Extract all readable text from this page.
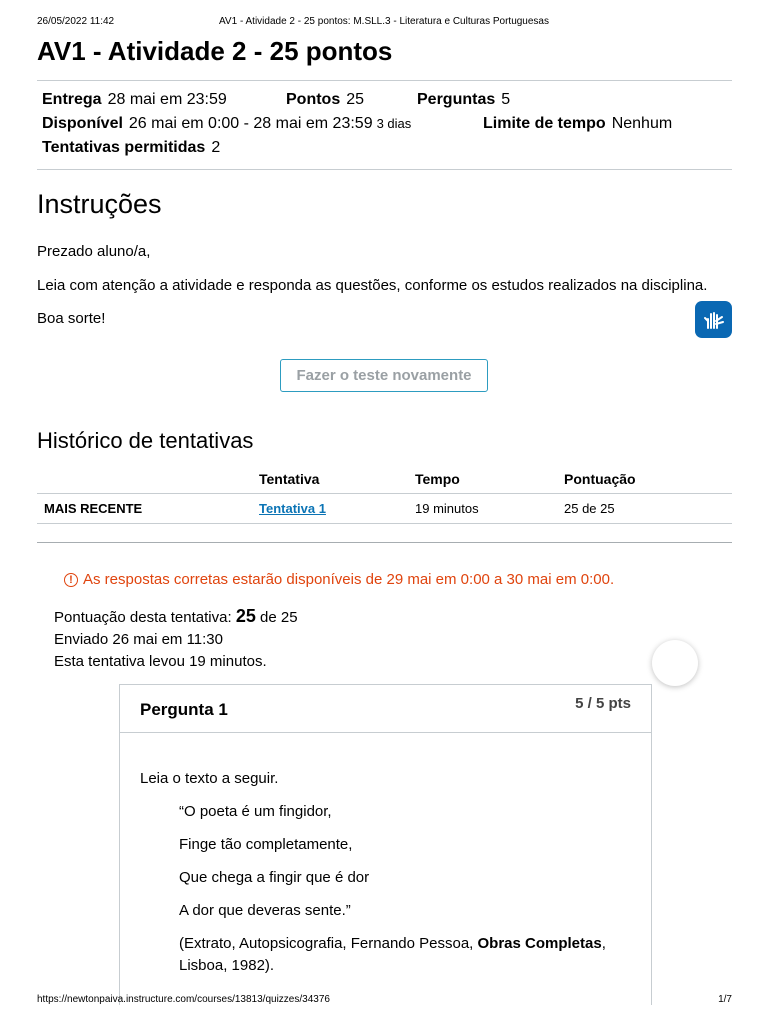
26/05/2022 11:42	AV1 - Atividade 2 - 25 pontos: M.SLL.3 - Literatura e Culturas Portuguesas
AV1 - Atividade 2 - 25 pontos
Entrega 28 mai em 23:59	Pontos 25	Perguntas 5
Disponível 26 mai em 0:00 - 28 mai em 23:59 3 dias	Limite de tempo Nenhum
Tentativas permitidas 2
Instruções
Prezado aluno/a,
Leia com atenção a atividade e responda as questões, conforme os estudos realizados na disciplina.
Boa sorte!
Fazer o teste novamente
Histórico de tentativas
	Tentativa	Tempo	Pontuação
MAIS RECENTE	Tentativa 1	19 minutos	25 de 25
! As respostas corretas estarão disponíveis de 29 mai em 0:00 a 30 mai em 0:00.
Pontuação desta tentativa: 25 de 25
Enviado 26 mai em 11:30
Esta tentativa levou 19 minutos.
Pergunta 1	5 / 5 pts
Leia o texto a seguir.
“O poeta é um fingidor,
Finge tão completamente,
Que chega a fingir que é dor
A dor que deveras sente.”
(Extrato, Autopsicografia, Fernando Pessoa, Obras Completas,
Lisboa, 1982).
https://newtonpaiva.instructure.com/courses/13813/quizzes/34376	1/7
